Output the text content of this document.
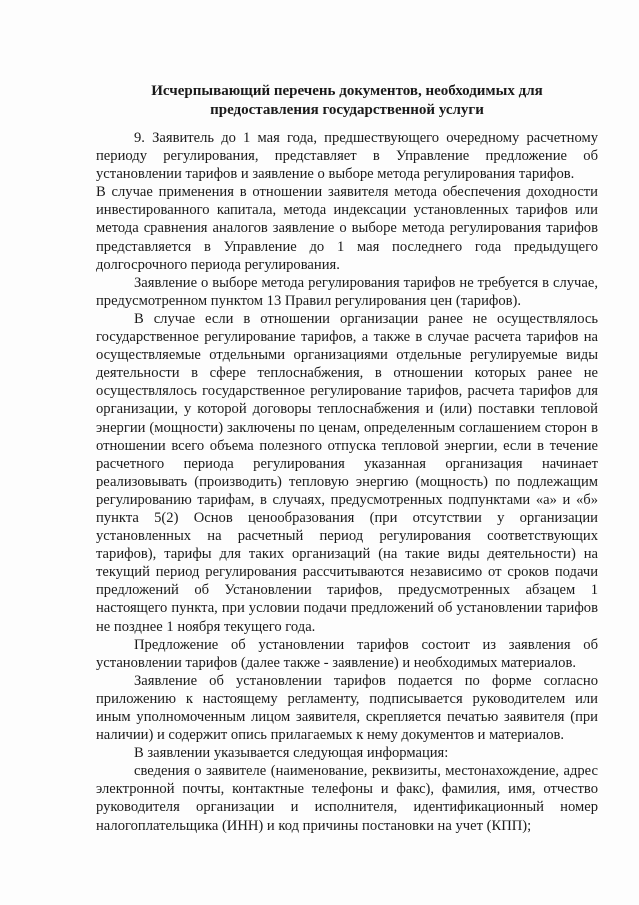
Исчерпывающий перечень документов, необходимых для
предоставления государственной услуги

9. Заявитель до 1 мая года, предшествующего очередному расчетному периоду регулирования, представляет в Управление предложение об установлении тарифов и заявление о выборе метода регулирования тарифов.

В случае применения в отношении заявителя метода обеспечения доходности инвестированного капитала, метода индексации установленных тарифов или метода сравнения аналогов заявление о выборе метода регулирования тарифов представляется в Управление до 1 мая последнего года предыдущего долгосрочного периода регулирования.

Заявление о выборе метода регулирования тарифов не требуется в случае, предусмотренном пунктом 13 Правил регулирования цен (тарифов).

В случае если в отношении организации ранее не осуществлялось государственное регулирование тарифов, а также в случае расчета тарифов на осуществляемые отдельными организациями отдельные регулируемые виды деятельности в сфере теплоснабжения, в отношении которых ранее не осуществлялось государственное регулирование тарифов, расчета тарифов для организации, у которой договоры теплоснабжения и (или) поставки тепловой энергии (мощности) заключены по ценам, определенным соглашением сторон в отношении всего объема полезного отпуска тепловой энергии, если в течение расчетного периода регулирования указанная организация начинает реализовывать (производить) тепловую энергию (мощность) по подлежащим регулированию тарифам, в случаях, предусмотренных подпунктами «а» и «б» пункта 5(2) Основ ценообразования (при отсутствии у организации установленных на расчетный период регулирования соответствующих тарифов), тарифы для таких организаций (на такие виды деятельности) на текущий период регулирования рассчитываются независимо от сроков подачи предложений об Установлении тарифов, предусмотренных абзацем 1 настоящего пункта, при условии подачи предложений об установлении тарифов не позднее 1 ноября текущего года.

Предложение об установлении тарифов состоит из заявления об установлении тарифов (далее также - заявление) и необходимых материалов.

Заявление об установлении тарифов подается по форме согласно приложению к настоящему регламенту, подписывается руководителем или иным уполномоченным лицом заявителя, скрепляется печатью заявителя (при наличии) и содержит опись прилагаемых к нему документов и материалов.

В заявлении указывается следующая информация:

сведения о заявителе (наименование, реквизиты, местонахождение, адрес электронной почты, контактные телефоны и факс), фамилия, имя, отчество руководителя организации и исполнителя, идентификационный номер налогоплательщика (ИНН) и код причины постановки на учет (КПП);
